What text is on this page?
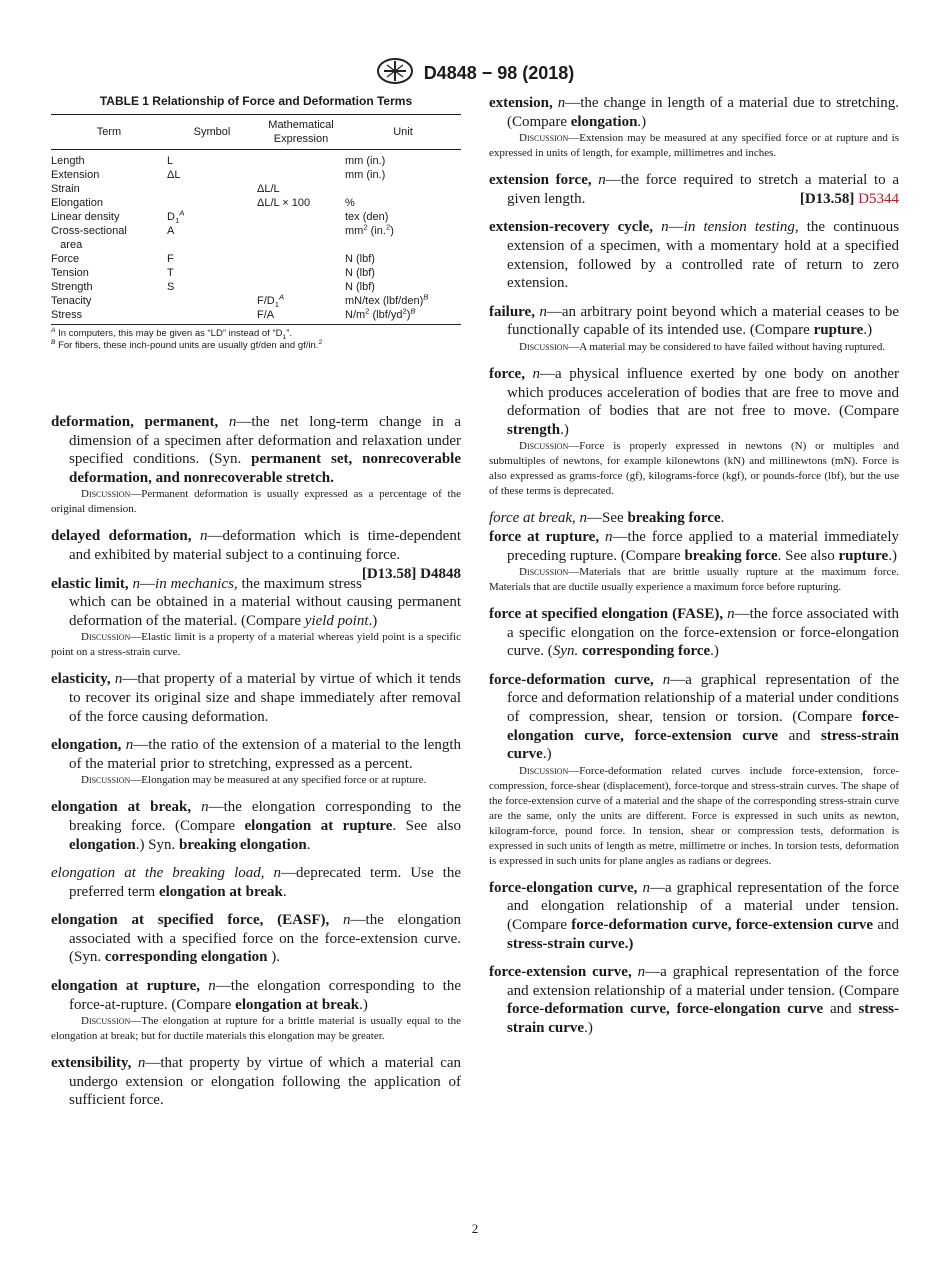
D4848 − 98 (2018)
TABLE 1 Relationship of Force and Deformation Terms
Term	Symbol	Mathematical Expression	Unit
Length	L		mm (in.)
Extension	ΔL		mm (in.)
Strain		ΔL/L	
Elongation		ΔL/L × 100	%
Linear density	$D_1^A$		tex (den)
Cross-sectional
area	A		$mm^2$ (in.$^2$)
Force	F		N (lbf)
Tension	T		N (lbf)
Strength	S		N (lbf)
Tenacity		$F/D_1^A$	mN/tex $(lbf/den)^B$
Stress		F/A	$N/m^2$ $(lbf/yd^2)^B$

$^A$ In computers, this may be given as “LD” instead of “$D_1$”.

$^B$ For fibers, these inch-pound units are usually gf/den and gf/in.$^2$

deformation, permanent, n—the net long-term change in a dimension of a specimen after deformation and relaxation under specified conditions. (Syn. permanent set, nonrecoverable deformation, and nonrecoverable stretch.

Discussion—Permanent deformation is usually expressed as a percentage of the original dimension.

delayed deformation, n—deformation which is time-dependent and exhibited by material subject to a continuing force.
[D13.58] D4848

elastic limit, n—in mechanics, the maximum stress which can be obtained in a material without causing permanent deformation of the material. (Compare yield point.)

Discussion—Elastic limit is a property of a material whereas yield point is a specific point on a stress-strain curve.

elasticity, n—that property of a material by virtue of which it tends to recover its original size and shape immediately after removal of the force causing deformation.

elongation, n—the ratio of the extension of a material to the length of the material prior to stretching, expressed as a percent.

Discussion—Elongation may be measured at any specified force or at rupture.

elongation at break, n—the elongation corresponding to the breaking force. (Compare elongation at rupture. See also elongation.) Syn. breaking elongation.

elongation at the breaking load, n—deprecated term. Use the preferred term elongation at break.

elongation at specified force, (EASF), n—the elongation associated with a specified force on the force-extension curve. (Syn. corresponding elongation ).

elongation at rupture, n—the elongation corresponding to the force-at-rupture. (Compare elongation at break.)

Discussion—The elongation at rupture for a brittle material is usually equal to the elongation at break; but for ductile materials this elongation may be greater.

extensibility, n—that property by virtue of which a material can undergo extension or elongation following the application of sufficient force.

extension, n—the change in length of a material due to stretching. (Compare elongation.)

Discussion—Extension may be measured at any specified force or at rupture and is expressed in units of length, for example, millimetres and inches.

extension force, n—the force required to stretch a material to a given length.	[D13.58] D5344

extension-recovery cycle, n—in tension testing, the continuous extension of a specimen, with a momentary hold at a specified extension, followed by a controlled rate of return to zero extension.

failure, n—an arbitrary point beyond which a material ceases to be functionally capable of its intended use. (Compare rupture.)

Discussion—A material may be considered to have failed without having ruptured.

force, n—a physical influence exerted by one body on another which produces acceleration of bodies that are free to move and deformation of bodies that are not free to move. (Compare strength.)

Discussion—Force is properly expressed in newtons (N) or multiples and submultiples of newtons, for example kilonewtons (kN) and millinewtons (mN). Force is also expressed as grams-force (gf), kilograms-force (kgf), or pounds-force (lbf), but the use of these terms is deprecated.

force at break, n—See breaking force.

force at rupture, n—the force applied to a material immediately preceding rupture. (Compare breaking force. See also rupture.)

Discussion—Materials that are brittle usually rupture at the maximum force. Materials that are ductile usually experience a maximum force before rupturing.

force at specified elongation (FASE), n—the force associated with a specific elongation on the force-extension or force-elongation curve. (Syn. corresponding force.)

force-deformation curve, n—a graphical representation of the force and deformation relationship of a material under conditions of compression, shear, tension or torsion. (Compare force-elongation curve, force-extension curve and stress-strain curve.)

Discussion—Force-deformation related curves include force-extension, force-compression, force-shear (displacement), force-torque and stress-strain curves. The shape of the force-extension curve of a material and the shape of the corresponding stress-strain curve are the same, only the units are different. Force is expressed in such units as newton, kilogram-force, pound force. In tension, shear or compression tests, deformation is expressed in such units of length as metre, millimetre or inches. In torsion tests, deformation is expressed in such units for plane angles as radians or degrees.

force-elongation curve, n—a graphical representation of the force and elongation relationship of a material under tension. (Compare force-deformation curve, force-extension curve and stress-strain curve.)

force-extension curve, n—a graphical representation of the force and extension relationship of a material under tension. (Compare force-deformation curve, force-elongation curve and stress-strain curve.)

2
